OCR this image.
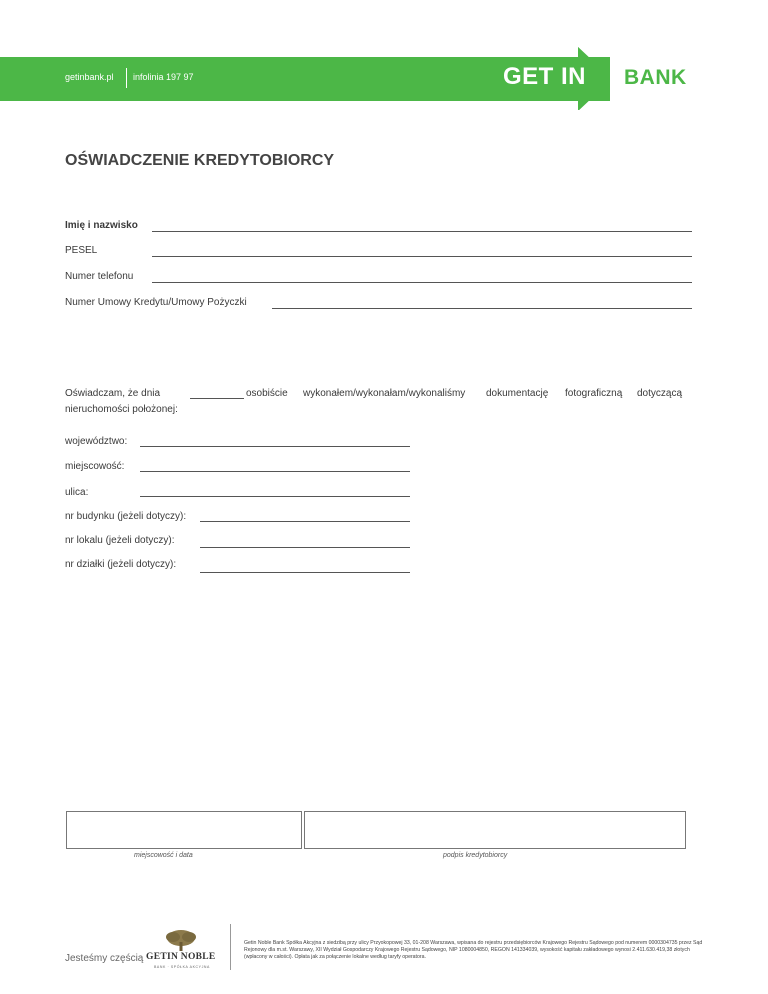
getinbank.pl infolinia 197 97	GET IN BANK
OŚWIADCZENIE KREDYTOBIORCY
Imię i nazwisko
PESEL
Numer telefonu
Numer Umowy Kredytu/Umowy Pożyczki
Oświadczam, że dnia	osobiście wykonałem/wykonałam/wykonaliśmy dokumentację fotograficzną dotyczącą
nieruchomości położonej:
województwo:
miejscowość:
ulica:
nr budynku (jeżeli dotyczy):
nr lokalu (jeżeli dotyczy):
nr działki (jeżeli dotyczy):
miejscowość i data	podpis kredytobiorcy
Jesteśmy częścią GETIN NOBLE
BANK · SPÓŁKA AKCYJNA
Getin Noble Bank Spółka Akcyjna z siedzibą przy ulicy Przyokopowej 33, 01-208 Warszawa, wpisana do rejestru przedsiębiorców Krajowego Rejestru Sądowego pod numerem 0000304735 przez Sąd Rejonowy dla m.st. Warszawy, XII Wydział Gospodarczy Krajowego Rejestru Sądowego, NIP 1080004850, REGON 141334039, wysokość kapitału zakładowego wynosi 2.411.630.419,38 złotych (wpłacony w całości). Opłata jak za połączenie lokalne według taryfy operatora.
